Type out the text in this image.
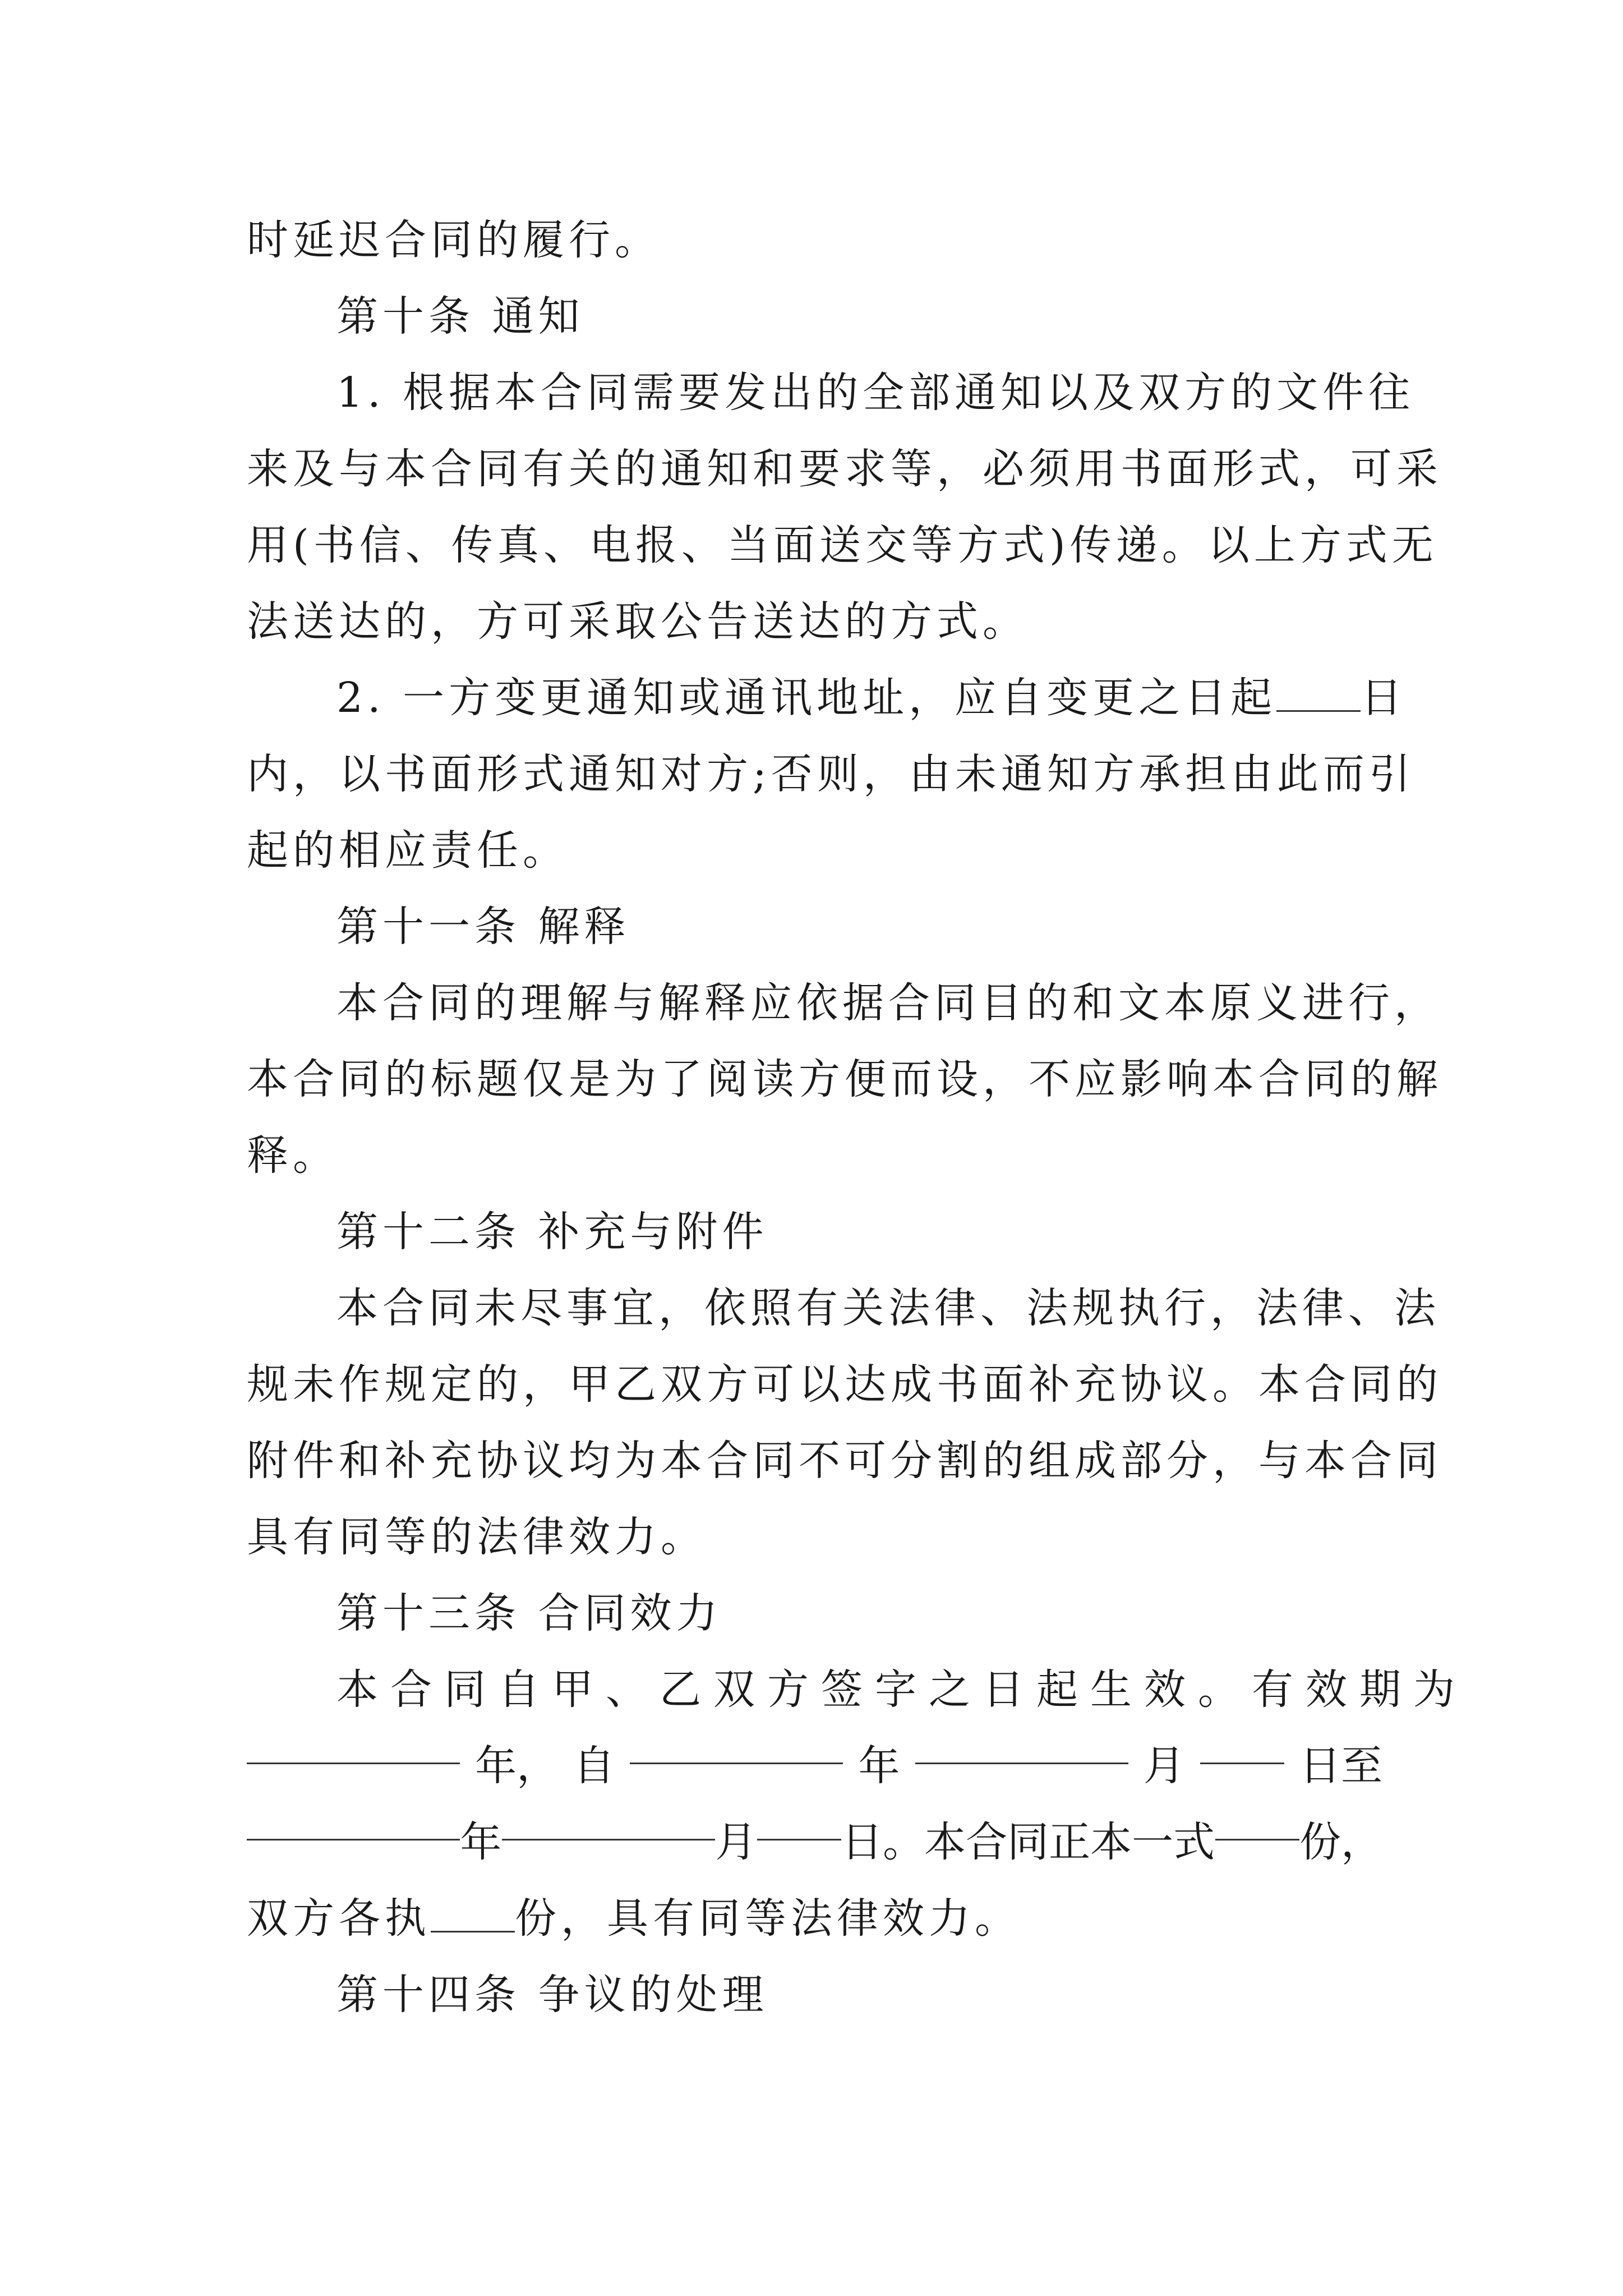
时延迟合同的履行。
第十条 通知
1. 根据本合同需要发出的全部通知以及双方的文件往
来及与本合同有关的通知和要求等，必须用书面形式，可采
用(书信、传真、电报、当面送交等方式)传递。以上方式无
法送达的，方可采取公告送达的方式。
2. 一方变更通知或通讯地址，应自变更之日起 日
内，以书面形式通知对方;否则，由未通知方承担由此而引
起的相应责任。
第十一条 解释
本合同的理解与解释应依据合同目的和文本原义进行，
本合同的标题仅是为了阅读方便而设，不应影响本合同的解
释。
第十二条 补充与附件
本合同未尽事宜，依照有关法律、法规执行，法律、法
规未作规定的，甲乙双方可以达成书面补充协议。本合同的
附件和补充协议均为本合同不可分割的组成部分，与本合同
具有同等的法律效力。
第十三条 合同效力
本合同自甲、乙双方签字之日起生效。有效期为
年， 自	年	月	日至
年	月 日。本合同正本一式 份，
双方各执 份，具有同等法律效力。
第十四条 争议的处理
